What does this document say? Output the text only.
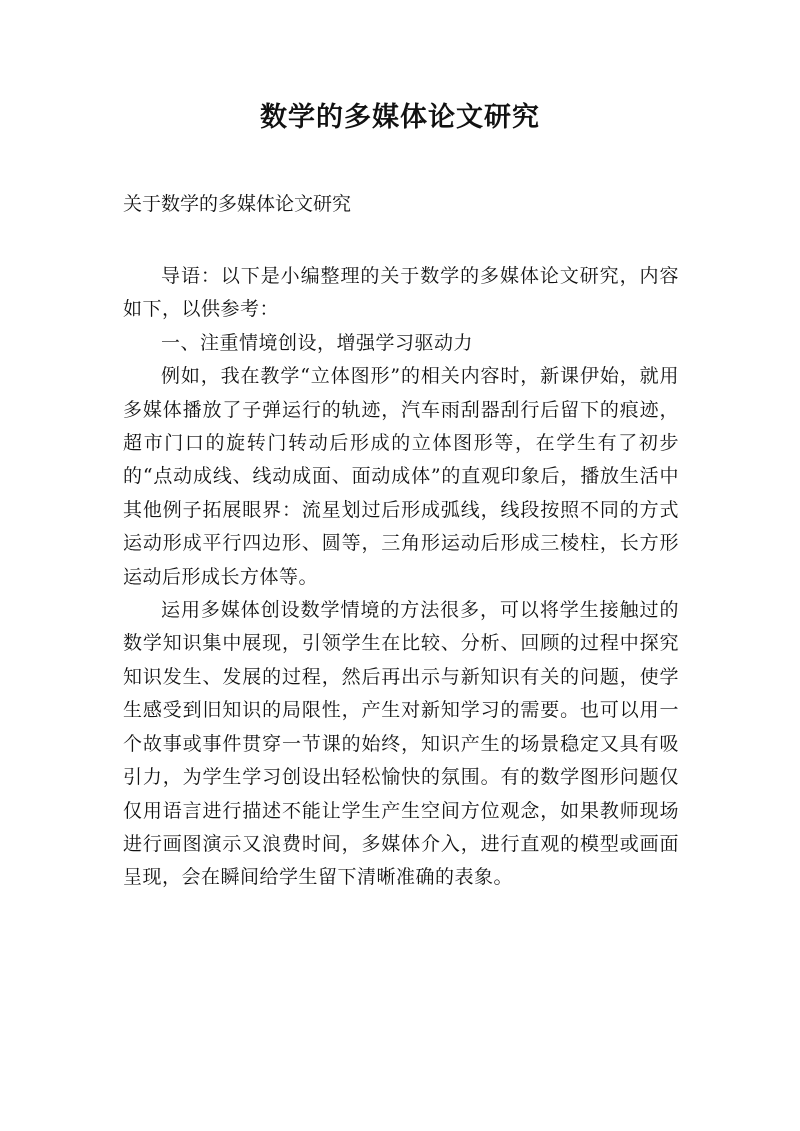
数学的多媒体论文研究

关于数学的多媒体论文研究

导语：以下是小编整理的关于数学的多媒体论文研究，内容如下，以供参考：

一、注重情境创设，增强学习驱动力

例如，我在教学“立体图形”的相关内容时，新课伊始，就用多媒体播放了子弹运行的轨迹，汽车雨刮器刮行后留下的痕迹，超市门口的旋转门转动后形成的立体图形等，在学生有了初步的“点动成线、线动成面、面动成体”的直观印象后，播放生活中其他例子拓展眼界：流星划过后形成弧线，线段按照不同的方式运动形成平行四边形、圆等，三角形运动后形成三棱柱，长方形运动后形成长方体等。

运用多媒体创设数学情境的方法很多，可以将学生接触过的数学知识集中展现，引领学生在比较、分析、回顾的过程中探究知识发生、发展的过程，然后再出示与新知识有关的问题，使学生感受到旧知识的局限性，产生对新知学习的需要。也可以用一个故事或事件贯穿一节课的始终，知识产生的场景稳定又具有吸引力，为学生学习创设出轻松愉快的氛围。有的数学图形问题仅仅用语言进行描述不能让学生产生空间方位观念，如果教师现场进行画图演示又浪费时间，多媒体介入，进行直观的模型或画面呈现，会在瞬间给学生留下清晰准确的表象。
